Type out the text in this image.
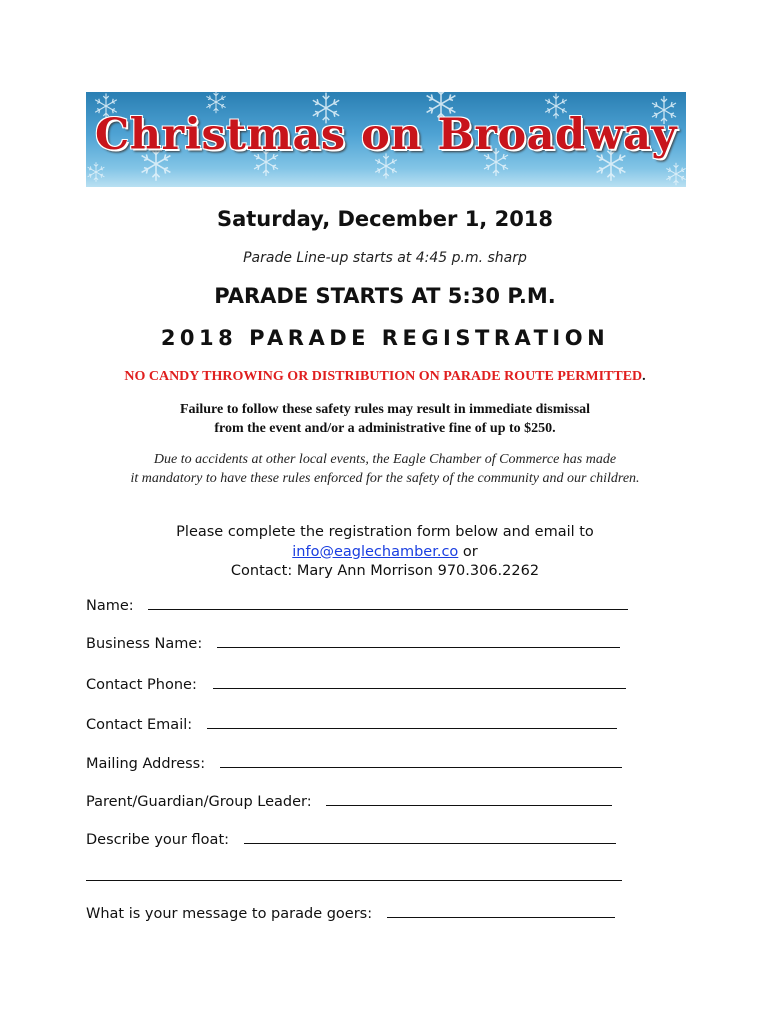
Christmas on Broadway
Saturday, December 1, 2018
Parade Line-up starts at 4:45 p.m. sharp
PARADE STARTS AT 5:30 P.M.
2018 PARADE REGISTRATION
NO CANDY THROWING OR DISTRIBUTION ON PARADE ROUTE PERMITTED.
Failure to follow these safety rules may result in immediate dismissal
from the event and/or a administrative fine of up to $250.
Due to accidents at other local events, the Eagle Chamber of Commerce has made
it mandatory to have these rules enforced for the safety of the community and our children.
Please complete the registration form below and email to
info@eaglechamber.co or
Contact: Mary Ann Morrison 970.306.2262
Name:
Business Name:
Contact Phone:
Contact Email:
Mailing Address:
Parent/Guardian/Group Leader:
Describe your float:
What is your message to parade goers:
